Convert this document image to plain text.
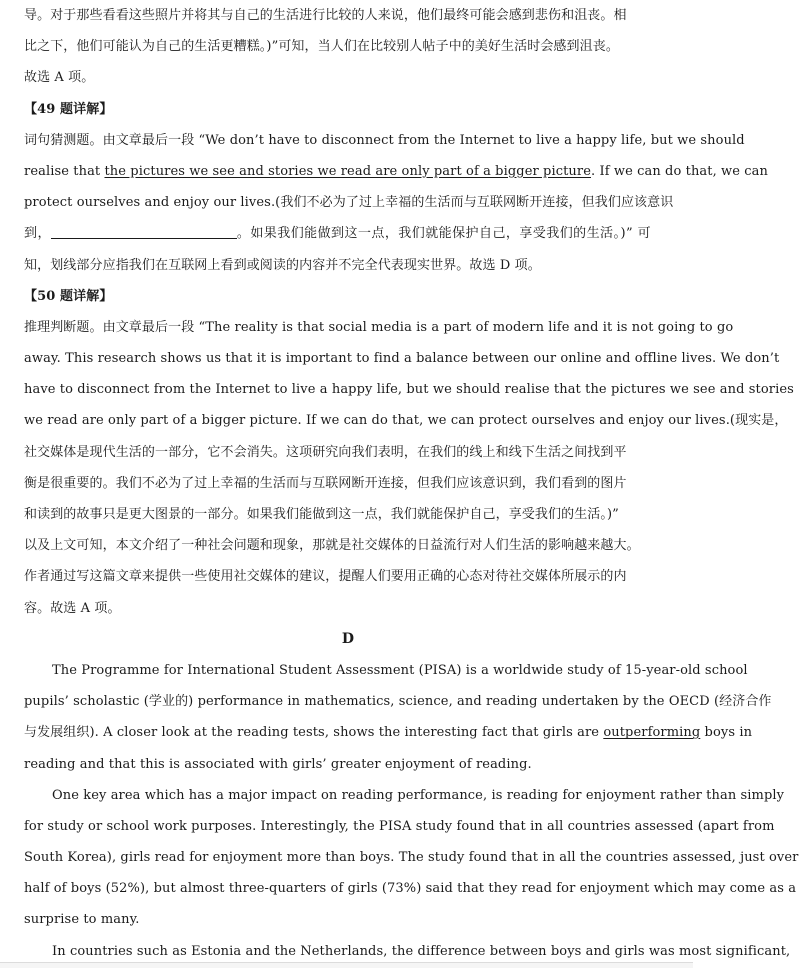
导。对于那些看看这些照片并将其与自己的生活进行比较的人来说，他们最终可能会感到悲伤和沮丧。相
比之下，他们可能认为自己的生活更糟糕。)”可知，当人们在比较别人帖子中的美好生活时会感到沮丧。
故选 A 项。
【49 题详解】
词句猜测题。由文章最后一段 “We don’t have to disconnect from the Internet to live a happy life, but we should
realise that the pictures we see and stories we read are only part of a bigger picture. If we can do that, we can
protect ourselves and enjoy our lives.(我们不必为了过上幸福的生活而与互联网断开连接，但我们应该意识
到，	。如果我们能做到这一点，我们就能保护自己，享受我们的生活。)” 可
知，划线部分应指我们在互联网上看到或阅读的内容并不完全代表现实世界。故选 D 项。
【50 题详解】
推理判断题。由文章最后一段 “The reality is that social media is a part of modern life and it is not going to go
away. This research shows us that it is important to find a balance between our online and offline lives. We don’t
have to disconnect from the Internet to live a happy life, but we should realise that the pictures we see and stories
we read are only part of a bigger picture. If we can do that, we can protect ourselves and enjoy our lives.(现实是，
社交媒体是现代生活的一部分，它不会消失。这项研究向我们表明，在我们的线上和线下生活之间找到平
衡是很重要的。我们不必为了过上幸福的生活而与互联网断开连接，但我们应该意识到，我们看到的图片
和读到的故事只是更大图景的一部分。如果我们能做到这一点，我们就能保护自己，享受我们的生活。)”
以及上文可知，本文介绍了一种社会问题和现象，那就是社交媒体的日益流行对人们生活的影响越来越大。
作者通过写这篇文章来提供一些使用社交媒体的建议，提醒人们要用正确的心态对待社交媒体所展示的内
容。故选 A 项。
D
The Programme for International Student Assessment (PISA) is a worldwide study of 15-year-old school
pupils’ scholastic (学业的) performance in mathematics, science, and reading undertaken by the OECD (经济合作
与发展组织). A closer look at the reading tests, shows the interesting fact that girls are outperforming boys in
reading and that this is associated with girls’ greater enjoyment of reading.
One key area which has a major impact on reading performance, is reading for enjoyment rather than simply
for study or school work purposes. Interestingly, the PISA study found that in all countries assessed (apart from
South Korea), girls read for enjoyment more than boys. The study found that in all the countries assessed, just over
half of boys (52%), but almost three-quarters of girls (73%) said that they read for enjoyment which may come as a
surprise to many.
In countries such as Estonia and the Netherlands, the difference between boys and girls was most significant,
